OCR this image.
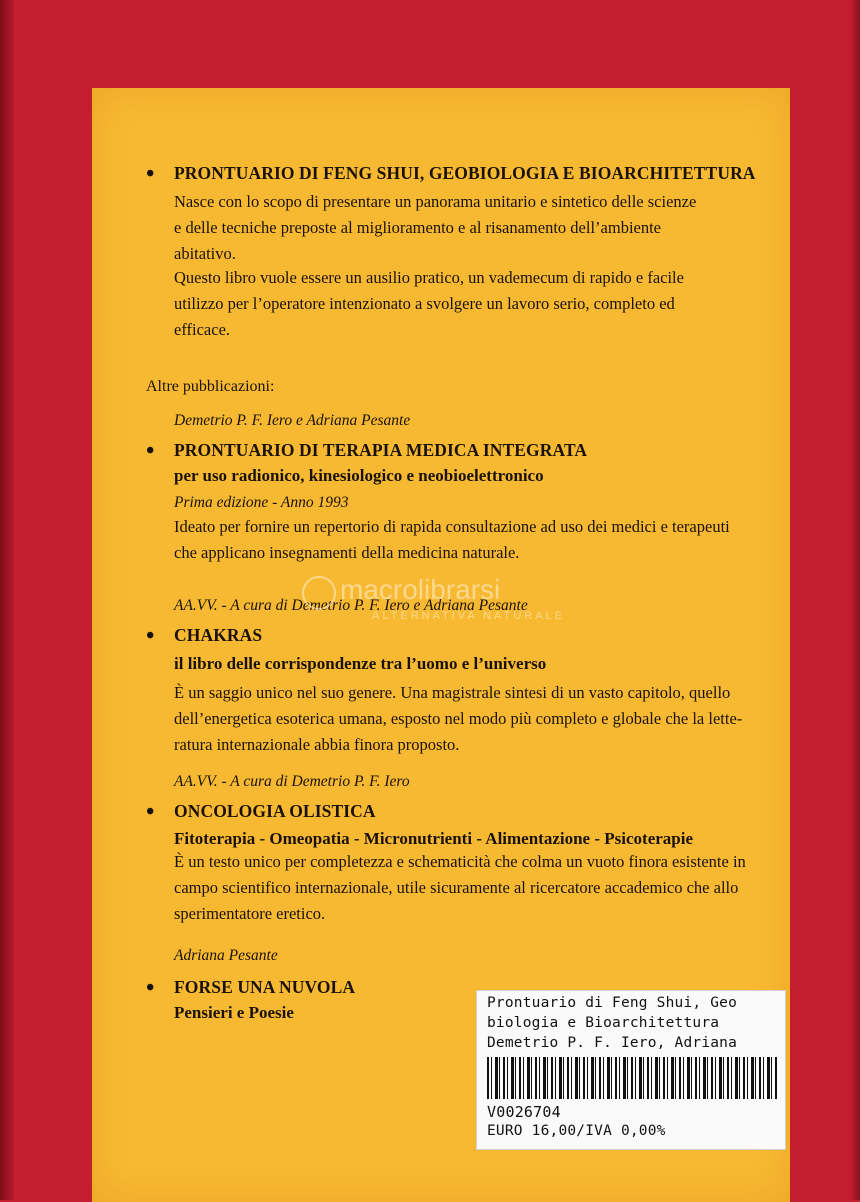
• PRONTUARIO DI FENG SHUI, GEOBIOLOGIA E BIOARCHITETTURA
Nasce con lo scopo di presentare un panorama unitario e sintetico delle scienze
e delle tecniche preposte al miglioramento e al risanamento dell’ambiente
abitativo.
Questo libro vuole essere un ausilio pratico, un vademecum di rapido e facile
utilizzo per l’operatore intenzionato a svolgere un lavoro serio, completo ed
efficace.
Altre pubblicazioni:
Demetrio P. F. Iero e Adriana Pesante
• PRONTUARIO DI TERAPIA MEDICA INTEGRATA
per uso radionico, kinesiologico e neobioelettronico
Prima edizione - Anno 1993
Ideato per fornire un repertorio di rapida consultazione ad uso dei medici e terapeuti
che applicano insegnamenti della medicina naturale.
AA.VV. - A cura di Demetrio P. F. Iero e Adriana Pesante
• CHAKRAS
il libro delle corrispondenze tra l’uomo e l’universo
È un saggio unico nel suo genere. Una magistrale sintesi di un vasto capitolo, quello
dell’energetica esoterica umana, esposto nel modo più completo e globale che la lette-
ratura internazionale abbia finora proposto.
AA.VV. - A cura di Demetrio P. F. Iero
• ONCOLOGIA OLISTICA
Fitoterapia - Omeopatia - Micronutrienti - Alimentazione - Psicoterapie
È un testo unico per completezza e schematicità che colma un vuoto finora esistente in
campo scientifico internazionale, utile sicuramente al ricercatore accademico che allo
sperimentatore eretico.
Adriana Pesante
• FORSE UNA NUVOLA
Pensieri e Poesie
macrolibrarsi
ALTERNATIVA NATURALE
Prontuario di Feng Shui, Geo
biologia e Bioarchitettura
Demetrio P. F. Iero, Adriana
V0026704
EURO 16,00/IVA 0,00%
